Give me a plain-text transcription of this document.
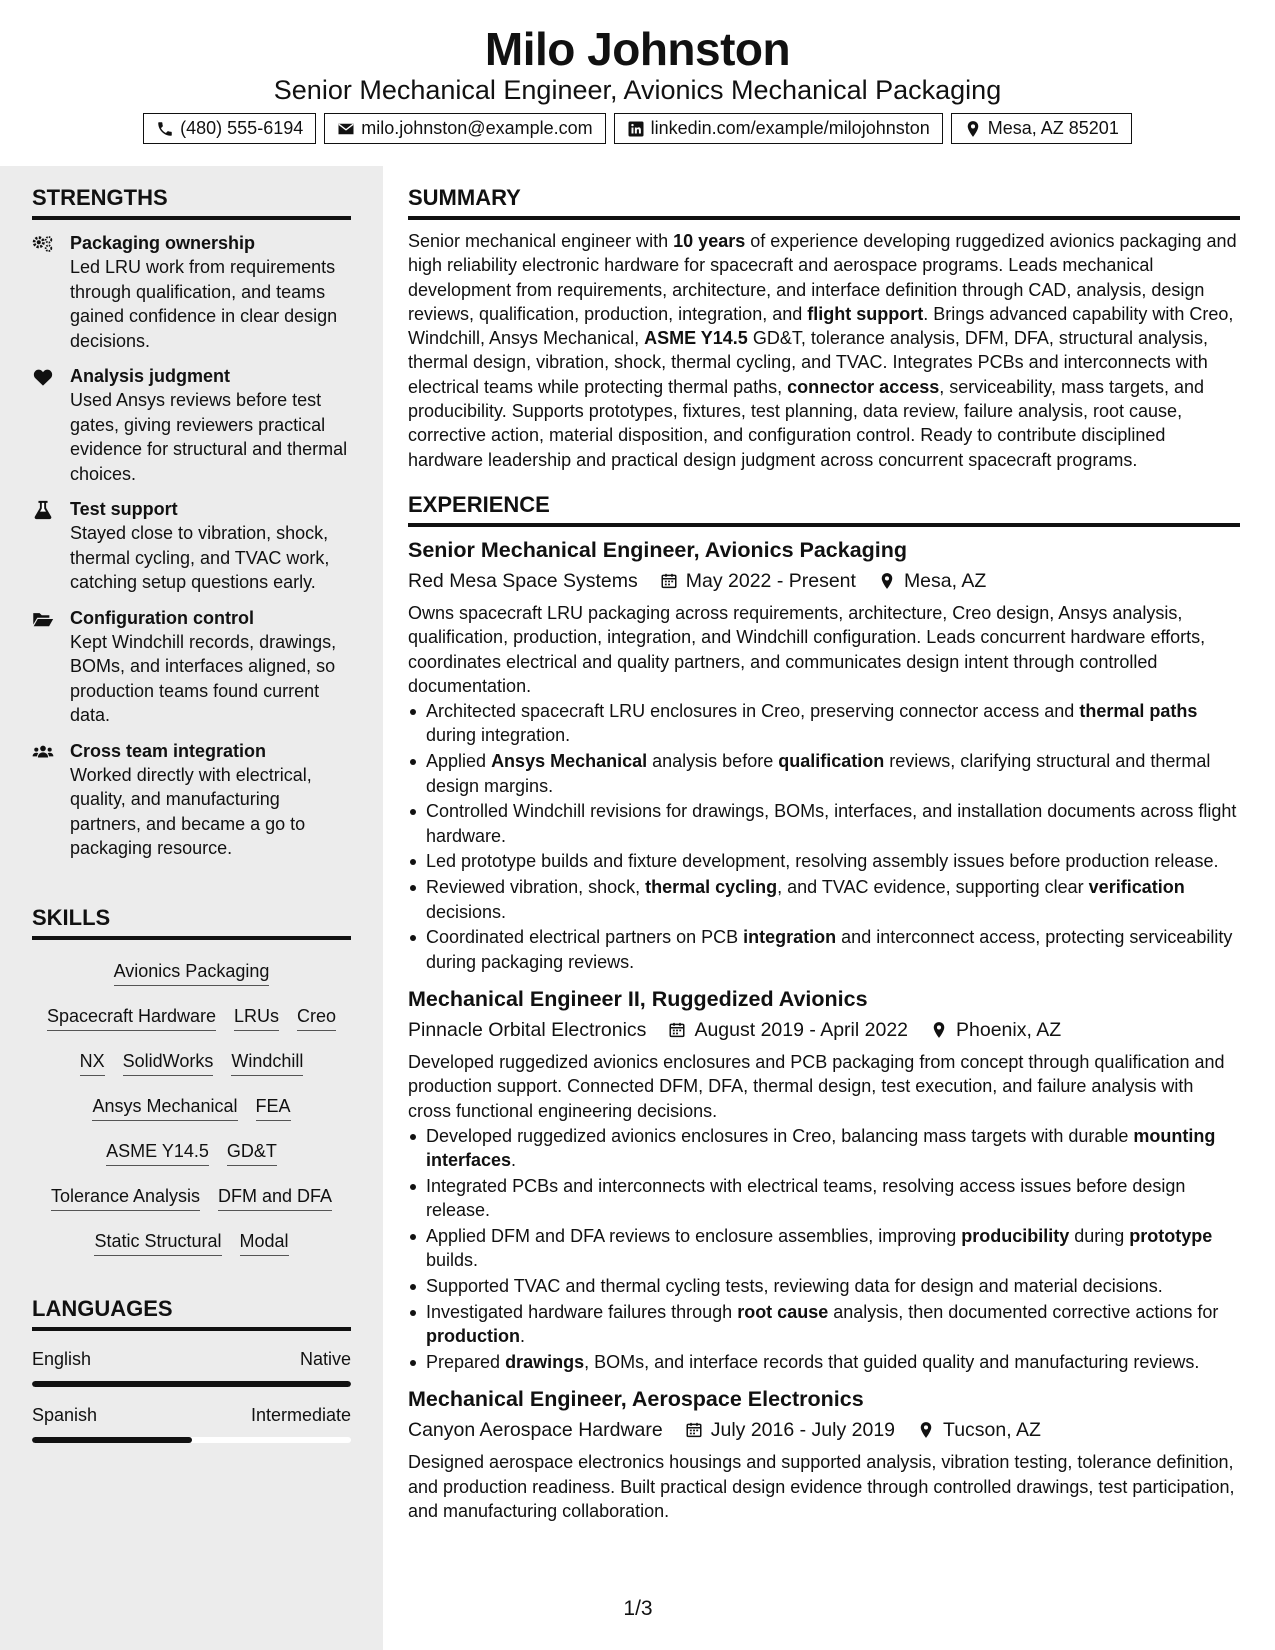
Milo Johnston
Senior Mechanical Engineer, Avionics Mechanical Packaging
(480) 555-6194	milo.johnston@example.com	linkedin.com/example/milojohnston	Mesa, AZ 85201
STRENGTHS
Packaging ownership
Led LRU work from requirements through qualification, and teams gained confidence in clear design decisions.
Analysis judgment
Used Ansys reviews before test gates, giving reviewers practical evidence for structural and thermal choices.
Test support
Stayed close to vibration, shock, thermal cycling, and TVAC work, catching setup questions early.
Configuration control
Kept Windchill records, drawings, BOMs, and interfaces aligned, so production teams found current data.
Cross team integration
Worked directly with electrical, quality, and manufacturing partners, and became a go to packaging resource.
SKILLS
Avionics Packaging
Spacecraft Hardware LRUs Creo
NX SolidWorks Windchill
Ansys Mechanical FEA
ASME Y14.5 GD&T
Tolerance Analysis DFM and DFA
Static Structural Modal
LANGUAGES
English	Native
Spanish	Intermediate
SUMMARY
Senior mechanical engineer with 10 years of experience developing ruggedized avionics packaging and high reliability electronic hardware for spacecraft and aerospace programs. Leads mechanical development from requirements, architecture, and interface definition through CAD, analysis, design reviews, qualification, production, integration, and flight support. Brings advanced capability with Creo, Windchill, Ansys Mechanical, ASME Y14.5 GD&T, tolerance analysis, DFM, DFA, structural analysis, thermal design, vibration, shock, thermal cycling, and TVAC. Integrates PCBs and interconnects with electrical teams while protecting thermal paths, connector access, serviceability, mass targets, and producibility. Supports prototypes, fixtures, test planning, data review, failure analysis, root cause, corrective action, material disposition, and configuration control. Ready to contribute disciplined hardware leadership and practical design judgment across concurrent spacecraft programs.
EXPERIENCE
Senior Mechanical Engineer, Avionics Packaging
Red Mesa Space Systems May 2022 - Present Mesa, AZ
Owns spacecraft LRU packaging across requirements, architecture, Creo design, Ansys analysis, qualification, production, integration, and Windchill configuration. Leads concurrent hardware efforts, coordinates electrical and quality partners, and communicates design intent through controlled documentation.
Architected spacecraft LRU enclosures in Creo, preserving connector access and thermal paths during integration.
Applied Ansys Mechanical analysis before qualification reviews, clarifying structural and thermal design margins.
Controlled Windchill revisions for drawings, BOMs, interfaces, and installation documents across flight hardware.
Led prototype builds and fixture development, resolving assembly issues before production release.
Reviewed vibration, shock, thermal cycling, and TVAC evidence, supporting clear verification decisions.
Coordinated electrical partners on PCB integration and interconnect access, protecting serviceability during packaging reviews.
Mechanical Engineer II, Ruggedized Avionics
Pinnacle Orbital Electronics August 2019 - April 2022 Phoenix, AZ
Developed ruggedized avionics enclosures and PCB packaging from concept through qualification and production support. Connected DFM, DFA, thermal design, test execution, and failure analysis with cross functional engineering decisions.
Developed ruggedized avionics enclosures in Creo, balancing mass targets with durable mounting interfaces.
Integrated PCBs and interconnects with electrical teams, resolving access issues before design release.
Applied DFM and DFA reviews to enclosure assemblies, improving producibility during prototype builds.
Supported TVAC and thermal cycling tests, reviewing data for design and material decisions.
Investigated hardware failures through root cause analysis, then documented corrective actions for production.
Prepared drawings, BOMs, and interface records that guided quality and manufacturing reviews.
Mechanical Engineer, Aerospace Electronics
Canyon Aerospace Hardware July 2016 - July 2019 Tucson, AZ
Designed aerospace electronics housings and supported analysis, vibration testing, tolerance definition, and production readiness. Built practical design evidence through controlled drawings, test participation, and manufacturing collaboration.
1/3
